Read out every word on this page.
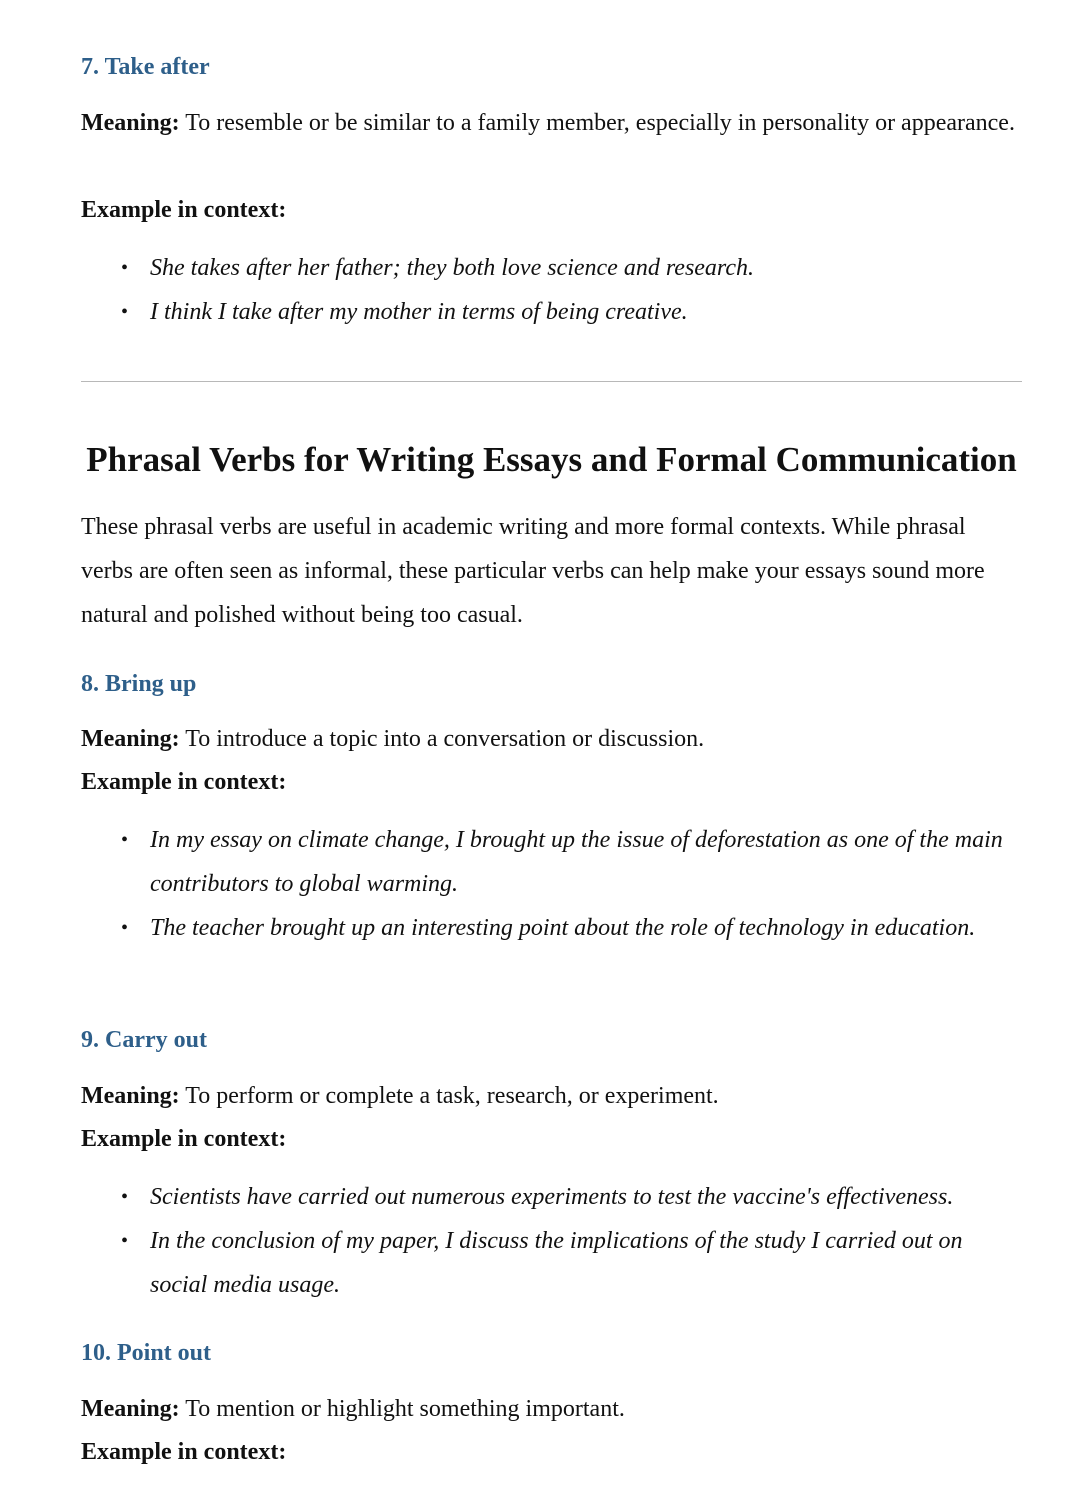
7. Take after

Meaning: To resemble or be similar to a family member, especially in personality or appearance.

Example in context:

• She takes after her father; they both love science and research.
• I think I take after my mother in terms of being creative.
Phrasal Verbs for Writing Essays and Formal Communication

These phrasal verbs are useful in academic writing and more formal contexts. While phrasal verbs are often seen as informal, these particular verbs can help make your essays sound more natural and polished without being too casual.

8. Bring up

Meaning: To introduce a topic into a conversation or discussion.

Example in context:

• In my essay on climate change, I brought up the issue of deforestation as one of the main contributors to global warming.
• The teacher brought up an interesting point about the role of technology in education.
9. Carry out

Meaning: To perform or complete a task, research, or experiment.

Example in context:

• Scientists have carried out numerous experiments to test the vaccine's effectiveness.
• In the conclusion of my paper, I discuss the implications of the study I carried out on social media usage.
10. Point out

Meaning: To mention or highlight something important.

Example in context:
